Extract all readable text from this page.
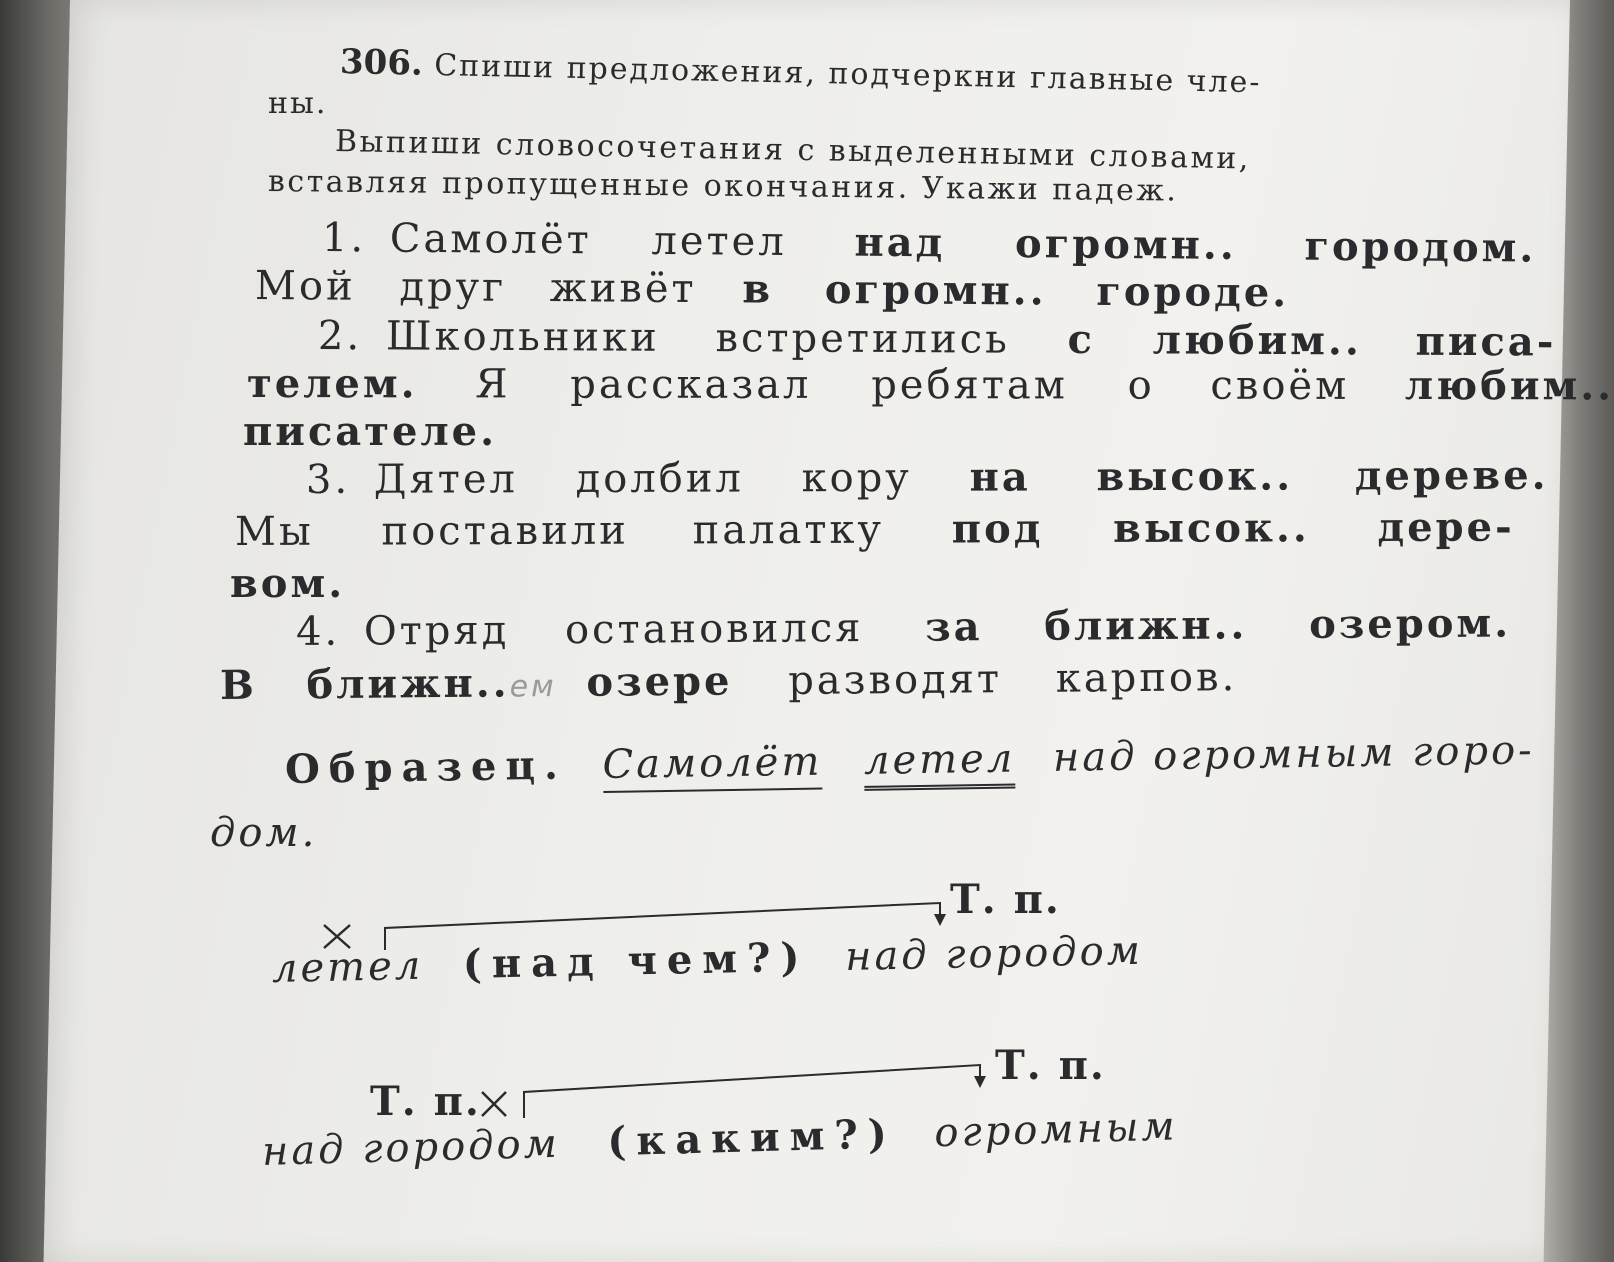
306. Спиши предложения, подчеркни главные чле-
ны.
Выпиши словосочетания с выделенными словами,
вставляя пропущенные окончания. Укажи падеж.
1. Самолёт летел над огромн.. городом.
Мой друг живёт в огромн.. городе.
2. Школьники встретились с любим.. писа-
телем. Я рассказал ребятам о своём любим..
писателе.
3. Дятел долбил кору на высок.. дереве.
Мы поставили палатку под высок.. дере-
вом.
4. Отряд остановился за ближн.. озером.
В ближн..ем озере разводят карпов.
Образец. Самолёт летел над огромным горо-
дом.
Т. п.
летел (над чем?) над городом
Т. п.
Т. п.
над городом (каким?) огромным
